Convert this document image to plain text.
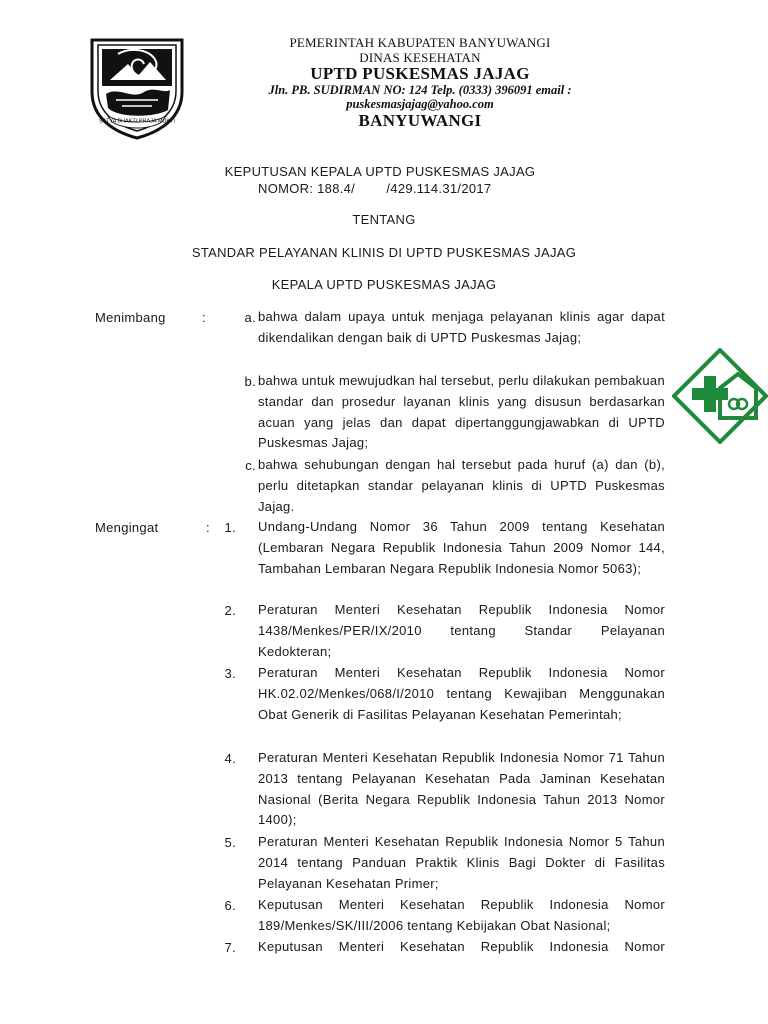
SATYA BHAKTI PRAJA MUKTI
PEMERINTAH KABUPATEN BANYUWANGI
DINAS KESEHATAN
UPTD PUSKESMAS JAJAG
Jln. PB. SUDIRMAN NO: 124 Telp. (0333) 396091 email :
puskesmasjajag@yahoo.com
BANYUWANGI
KEPUTUSAN KEPALA UPTD PUSKESMAS JAJAG
NOMOR: 188.4/        /429.114.31/2017
TENTANG
STANDAR PELAYANAN KLINIS DI UPTD PUSKESMAS JAJAG
KEPALA UPTD PUSKESMAS JAJAG
Menimbang	:	a. bahwa dalam upaya untuk menjaga pelayanan klinis agar dapat dikendalikan dengan baik di UPTD Puskesmas Jajag;
b. bahwa untuk mewujudkan hal tersebut, perlu dilakukan pembakuan standar dan prosedur layanan klinis yang disusun berdasarkan acuan yang jelas dan dapat dipertanggungjawabkan di UPTD Puskesmas Jajag;
c. bahwa sehubungan dengan hal tersebut pada huruf (a) dan (b), perlu ditetapkan standar pelayanan klinis di UPTD Puskesmas Jajag.
Mengingat	:	1. Undang-Undang Nomor 36 Tahun 2009 tentang Kesehatan (Lembaran Negara Republik Indonesia Tahun 2009 Nomor 144, Tambahan Lembaran Negara Republik Indonesia Nomor 5063);
2. Peraturan Menteri Kesehatan Republik Indonesia Nomor 1438/Menkes/PER/IX/2010 tentang Standar Pelayanan Kedokteran;
3. Peraturan Menteri Kesehatan Republik Indonesia Nomor HK.02.02/Menkes/068/I/2010 tentang Kewajiban Menggunakan Obat Generik di Fasilitas Pelayanan Kesehatan Pemerintah;
4. Peraturan Menteri Kesehatan Republik Indonesia Nomor 71 Tahun 2013 tentang Pelayanan Kesehatan Pada Jaminan Kesehatan Nasional (Berita Negara Republik Indonesia Tahun 2013 Nomor 1400);
5. Peraturan Menteri Kesehatan Republik Indonesia Nomor 5 Tahun 2014 tentang Panduan Praktik Klinis Bagi Dokter di Fasilitas Pelayanan Kesehatan Primer;
6. Keputusan Menteri Kesehatan Republik Indonesia Nomor 189/Menkes/SK/III/2006 tentang Kebijakan Obat Nasional;
7. Keputusan Menteri Kesehatan Republik Indonesia Nomor
